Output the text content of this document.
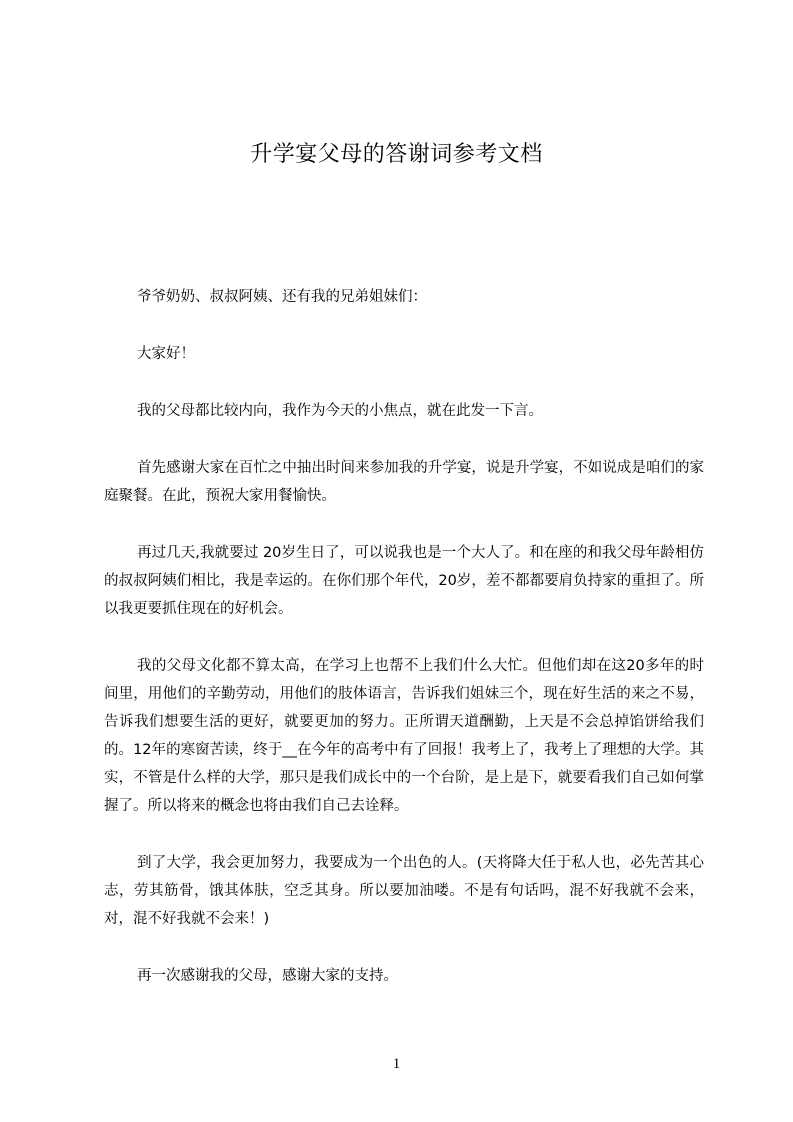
升学宴父母的答谢词参考文档

爷爷奶奶、叔叔阿姨、还有我的兄弟姐妹们：

大家好！

我的父母都比较内向，我作为今天的小焦点，就在此发一下言。

首先感谢大家在百忙之中抽出时间来参加我的升学宴，说是升学宴，不如说成是咱们的家庭聚餐。在此，预祝大家用餐愉快。

再过几天,我就要过 20岁生日了，可以说我也是一个大人了。和在座的和我父母年龄相仿的叔叔阿姨们相比，我是幸运的。在你们那个年代，20岁，差不都都要肩负持家的重担了。所以我更要抓住现在的好机会。

我的父母文化都不算太高，在学习上也帮不上我们什么大忙。但他们却在这20多年的时间里，用他们的辛勤劳动，用他们的肢体语言，告诉我们姐妹三个，现在好生活的来之不易，告诉我们想要生活的更好，就要更加的努力。正所谓天道酬勤，上天是不会总掉馅饼给我们的。12年的寒窗苦读，终于__在今年的高考中有了回报！我考上了，我考上了理想的大学。其实，不管是什么样的大学，那只是我们成长中的一个台阶，是上是下，就要看我们自己如何掌握了。所以将来的概念也将由我们自己去诠释。

到了大学，我会更加努力，我要成为一个出色的人。(天将降大任于私人也，必先苦其心志，劳其筋骨，饿其体肤，空乏其身。所以要加油喽。不是有句话吗，混不好我就不会来，对，混不好我就不会来！)

再一次感谢我的父母，感谢大家的支持。

1
